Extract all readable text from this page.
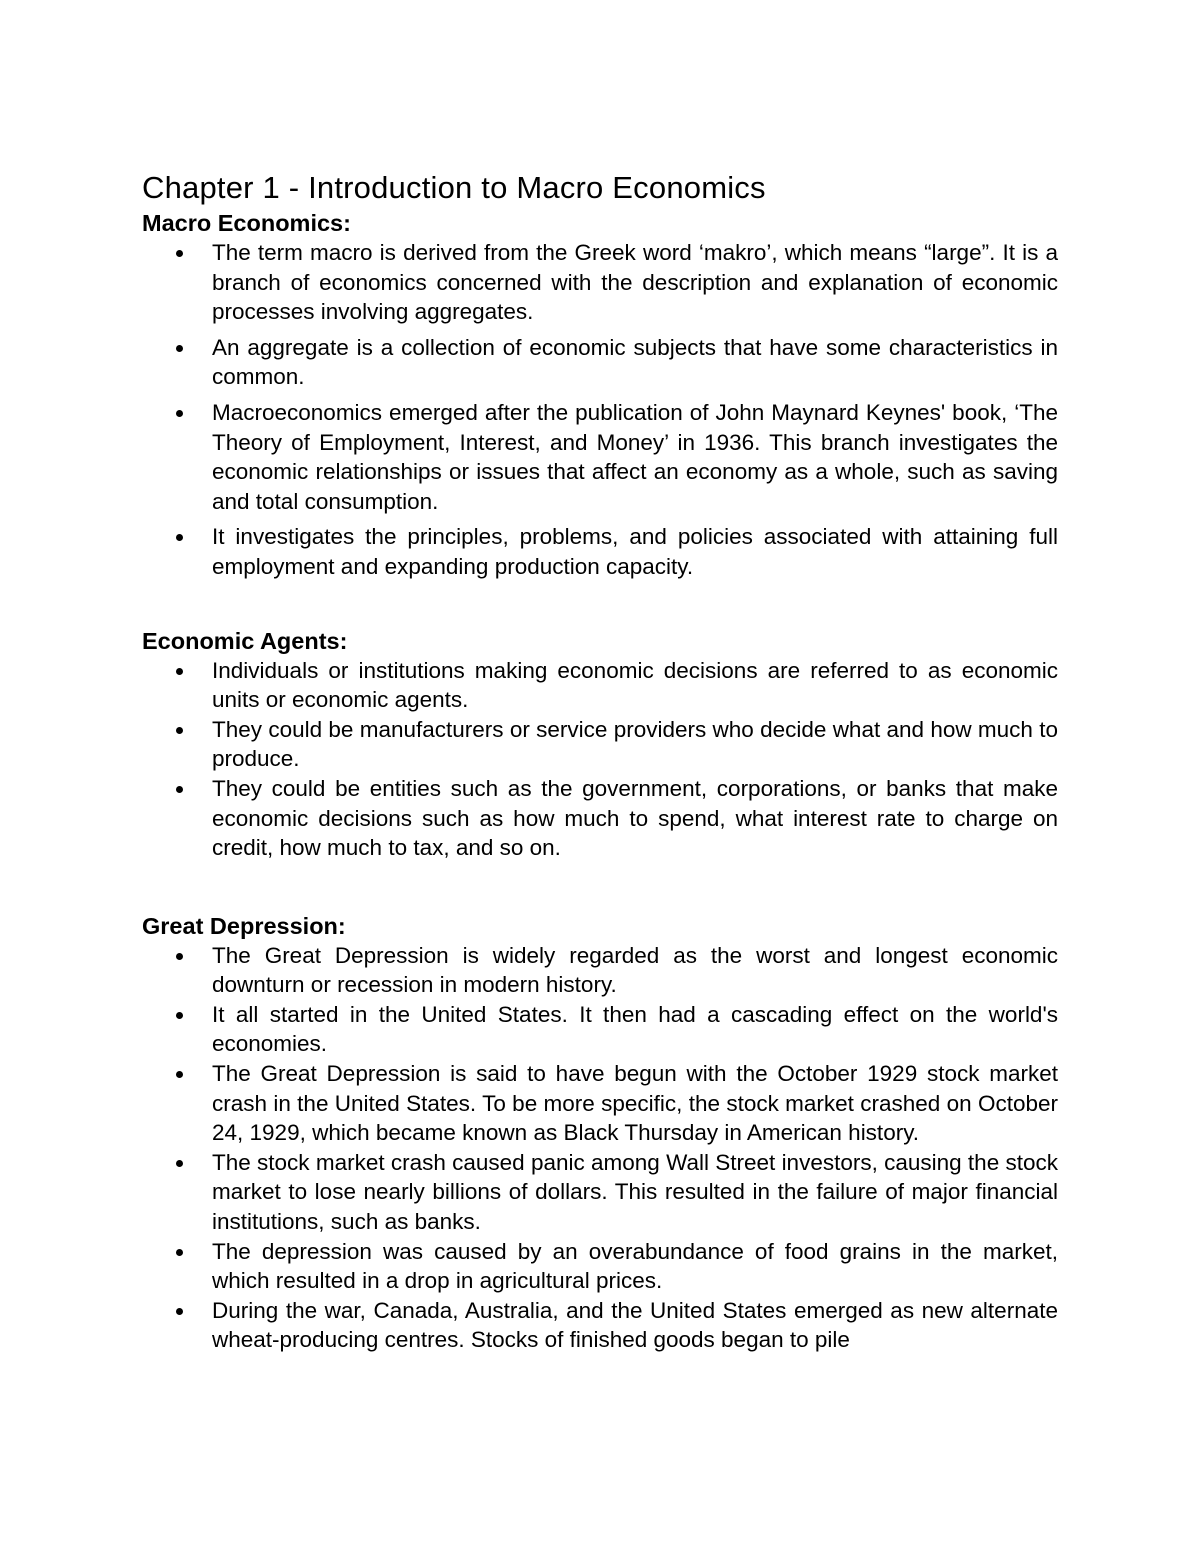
Chapter 1 - Introduction to Macro Economics
Macro Economics:
The term macro is derived from the Greek word ‘makro’, which means “large”. It is a branch of economics concerned with the description and explanation of economic processes involving aggregates.
An aggregate is a collection of economic subjects that have some characteristics in common.
Macroeconomics emerged after the publication of John Maynard Keynes' book, ‘The Theory of Employment, Interest, and Money’ in 1936. This branch investigates the economic relationships or issues that affect an economy as a whole, such as saving and total consumption.
It investigates the principles, problems, and policies associated with attaining full employment and expanding production capacity.
Economic Agents:
Individuals or institutions making economic decisions are referred to as economic units or economic agents.
They could be manufacturers or service providers who decide what and how much to produce.
They could be entities such as the government, corporations, or banks that make economic decisions such as how much to spend, what interest rate to charge on credit, how much to tax, and so on.
Great Depression:
The Great Depression is widely regarded as the worst and longest economic downturn or recession in modern history.
It all started in the United States. It then had a cascading effect on the world's economies.
The Great Depression is said to have begun with the October 1929 stock market crash in the United States. To be more specific, the stock market crashed on October 24, 1929, which became known as Black Thursday in American history.
The stock market crash caused panic among Wall Street investors, causing the stock market to lose nearly billions of dollars. This resulted in the failure of major financial institutions, such as banks.
The depression was caused by an overabundance of food grains in the market, which resulted in a drop in agricultural prices.
During the war, Canada, Australia, and the United States emerged as new alternate wheat-producing centres. Stocks of finished goods began to pile
